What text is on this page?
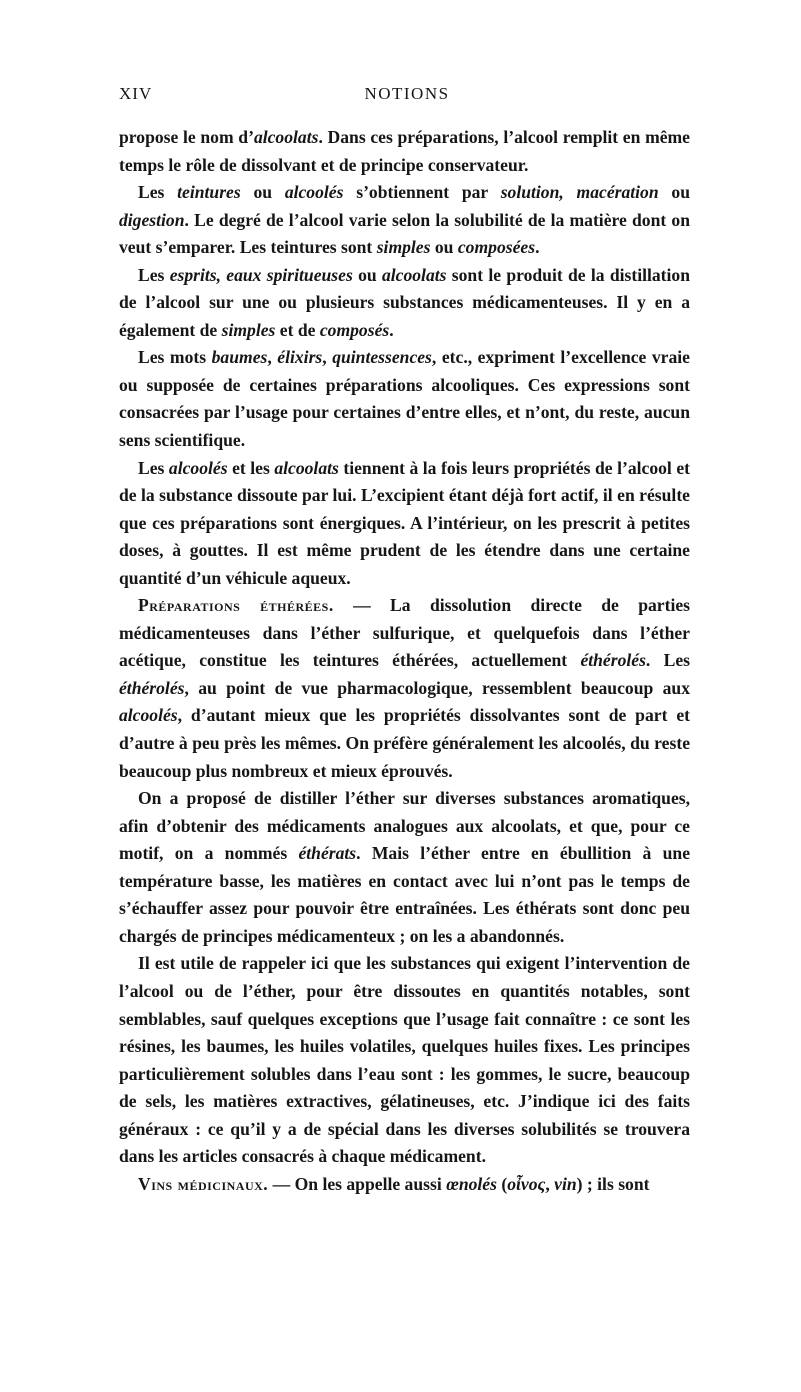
XIV	NOTIONS

propose le nom d’alcoolats. Dans ces préparations, l’alcool remplit en même temps le rôle de dissolvant et de principe conservateur.

Les teintures ou alcoolés s’obtiennent par solution, macération ou digestion. Le degré de l’alcool varie selon la solubilité de la matière dont on veut s’emparer. Les teintures sont simples ou composées.

Les esprits, eaux spiritueuses ou alcoolats sont le produit de la distillation de l’alcool sur une ou plusieurs substances médicamenteuses. Il y en a également de simples et de composés.

Les mots baumes, élixirs, quintessences, etc., expriment l’excellence vraie ou supposée de certaines préparations alcooliques. Ces expressions sont consacrées par l’usage pour certaines d’entre elles, et n’ont, du reste, aucun sens scientifique.

Les alcoolés et les alcoolats tiennent à la fois leurs propriétés de l’alcool et de la substance dissoute par lui. L’excipient étant déjà fort actif, il en résulte que ces préparations sont énergiques. A l’intérieur, on les prescrit à petites doses, à gouttes. Il est même prudent de les étendre dans une certaine quantité d’un véhicule aqueux.

Préparations éthérées. — La dissolution directe de parties médicamenteuses dans l’éther sulfurique, et quelquefois dans l’éther acétique, constitue les teintures éthérées, actuellement éthérolés. Les éthérolés, au point de vue pharmacologique, ressemblent beaucoup aux alcoolés, d’autant mieux que les propriétés dissolvantes sont de part et d’autre à peu près les mêmes. On préfère généralement les alcoolés, du reste beaucoup plus nombreux et mieux éprouvés.

On a proposé de distiller l’éther sur diverses substances aromatiques, afin d’obtenir des médicaments analogues aux alcoolats, et que, pour ce motif, on a nommés éthérats. Mais l’éther entre en ébullition à une température basse, les matières en contact avec lui n’ont pas le temps de s’échauffer assez pour pouvoir être entraînées. Les éthérats sont donc peu chargés de principes médicamenteux ; on les a abandonnés.

Il est utile de rappeler ici que les substances qui exigent l’intervention de l’alcool ou de l’éther, pour être dissoutes en quantités notables, sont semblables, sauf quelques exceptions que l’usage fait connaître : ce sont les résines, les baumes, les huiles volatiles, quelques huiles fixes. Les principes particulièrement solubles dans l’eau sont : les gommes, le sucre, beaucoup de sels, les matières extractives, gélatineuses, etc. J’indique ici des faits généraux : ce qu’il y a de spécial dans les diverses solubilités se trouvera dans les articles consacrés à chaque médicament.

Vins médicinaux. — On les appelle aussi œnolés (οἶνος, vin) ; ils sont
